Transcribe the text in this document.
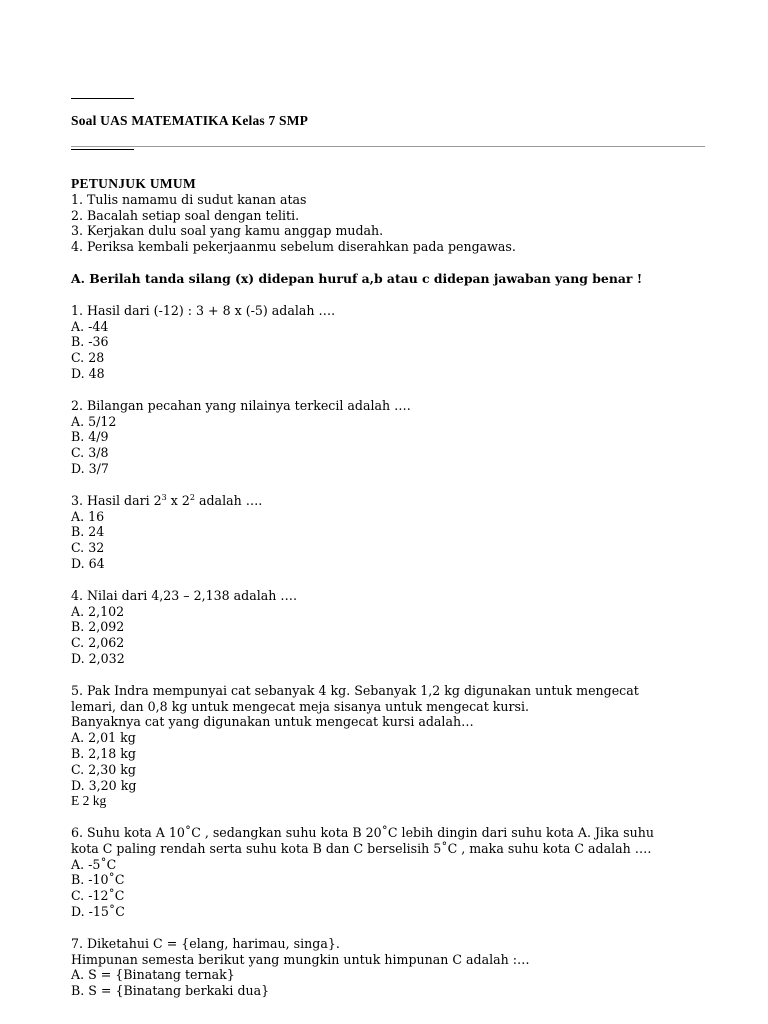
Soal UAS MATEMATIKA Kelas 7 SMP
PETUNJUK UMUM
1. Tulis namamu di sudut kanan atas
2. Bacalah setiap soal dengan teliti.
3. Kerjakan dulu soal yang kamu anggap mudah.
4. Periksa kembali pekerjaanmu sebelum diserahkan pada pengawas.
A. Berilah tanda silang (x) didepan huruf a,b atau c didepan jawaban yang benar !
1. Hasil dari (-12) : 3 + 8 x (-5) adalah ….
A. -44
B. -36
C. 28
D. 48
2. Bilangan pecahan yang nilainya terkecil adalah ….
A. 5/12
B. 4/9
C. 3/8
D. 3/7
3. Hasil dari $2^3$ x $2^2$ adalah ….
A. 16
B. 24
C. 32
D. 64
4. Nilai dari 4,23 – 2,138 adalah ….
A. 2,102
B. 2,092
C. 2,062
D. 2,032
5. Pak Indra mempunyai cat sebanyak 4 kg. Sebanyak 1,2 kg digunakan untuk mengecat
lemari, dan 0,8 kg untuk mengecat meja sisanya untuk mengecat kursi.
Banyaknya cat yang digunakan untuk mengecat kursi adalah…
A. 2,01 kg
B. 2,18 kg
C. 2,30 kg
D. 3,20 kg
E 2 kg
6. Suhu kota A 10˚C , sedangkan suhu kota B 20˚C lebih dingin dari suhu kota A. Jika suhu
kota C paling rendah serta suhu kota B dan C berselisih 5˚C , maka suhu kota C adalah ….
A. -5˚C
B. -10˚C
C. -12˚C
D. -15˚C
7. Diketahui C = {elang, harimau, singa}.
Himpunan semesta berikut yang mungkin untuk himpunan C adalah :…
A. S = {Binatang ternak}
B. S = {Binatang berkaki dua}
